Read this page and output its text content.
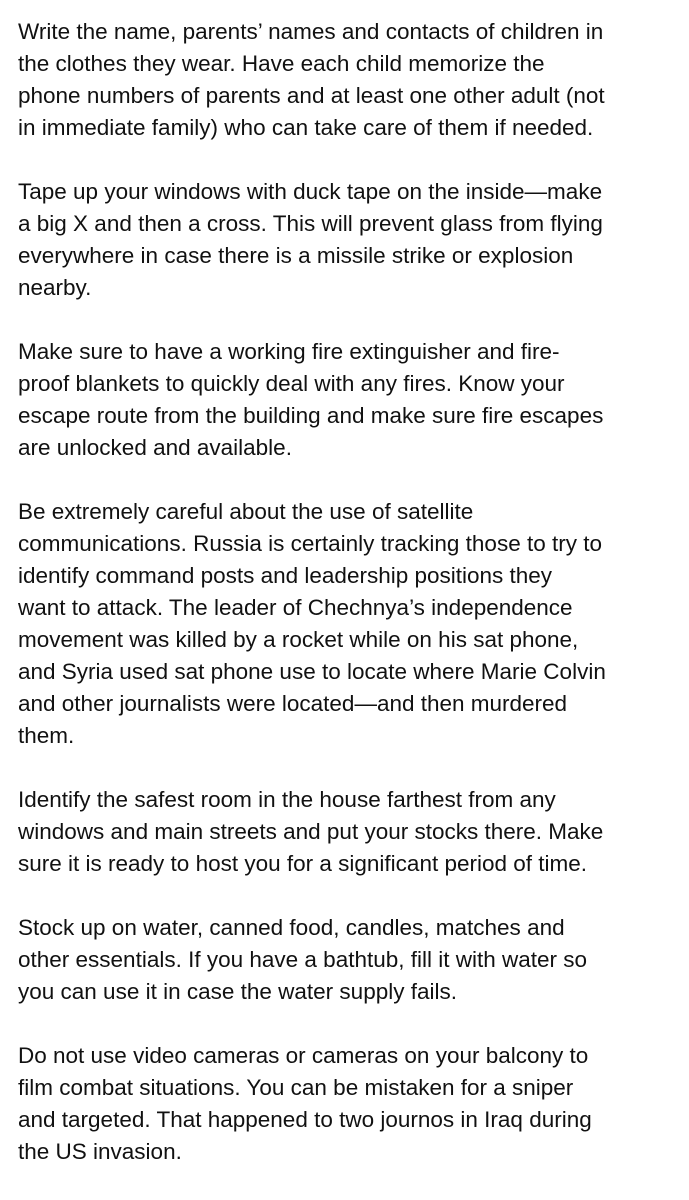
Write the name, parents’ names and contacts of children in
the clothes they wear. Have each child memorize the
phone numbers of parents and at least one other adult (not
in immediate family) who can take care of them if needed.

Tape up your windows with duck tape on the inside—make
a big X and then a cross. This will prevent glass from flying
everywhere in case there is a missile strike or explosion
nearby.

Make sure to have a working fire extinguisher and fire-
proof blankets to quickly deal with any fires. Know your
escape route from the building and make sure fire escapes
are unlocked and available.

Be extremely careful about the use of satellite
communications. Russia is certainly tracking those to try to
identify command posts and leadership positions they
want to attack. The leader of Chechnya’s independence
movement was killed by a rocket while on his sat phone,
and Syria used sat phone use to locate where Marie Colvin
and other journalists were located—and then murdered
them.

Identify the safest room in the house farthest from any
windows and main streets and put your stocks there. Make
sure it is ready to host you for a significant period of time.

Stock up on water, canned food, candles, matches and
other essentials. If you have a bathtub, fill it with water so
you can use it in case the water supply fails.

Do not use video cameras or cameras on your balcony to
film combat situations. You can be mistaken for a sniper
and targeted. That happened to two journos in Iraq during
the US invasion.
